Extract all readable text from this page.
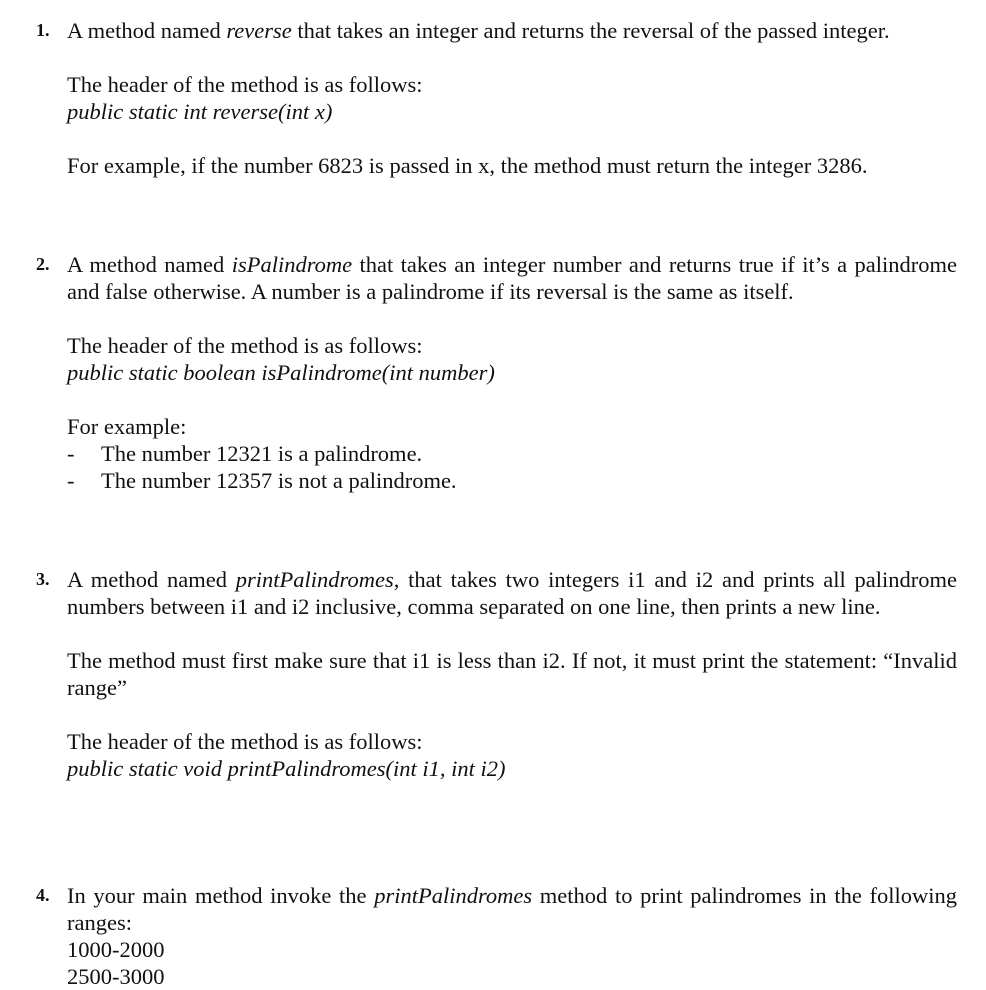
1. A method named reverse that takes an integer and returns the reversal of the passed integer.

The header of the method is as follows:

public static int reverse(int x)

For example, if the number 6823 is passed in x, the method must return the integer 3286.

2. A method named isPalindrome that takes an integer number and returns true if it’s a palindrome and false otherwise. A number is a palindrome if its reversal is the same as itself.

The header of the method is as follows:

public static boolean isPalindrome(int number)

For example:

- The number 12321 is a palindrome.

- The number 12357 is not a palindrome.

3. A method named printPalindromes, that takes two integers i1 and i2 and prints all palindrome numbers between i1 and i2 inclusive, comma separated on one line, then prints a new line.

The method must first make sure that i1 is less than i2. If not, it must print the statement: “Invalid range”

The header of the method is as follows:

public static void printPalindromes(int i1, int i2)

4. In your main method invoke the printPalindromes method to print palindromes in the following ranges:

1000-2000

2500-3000
